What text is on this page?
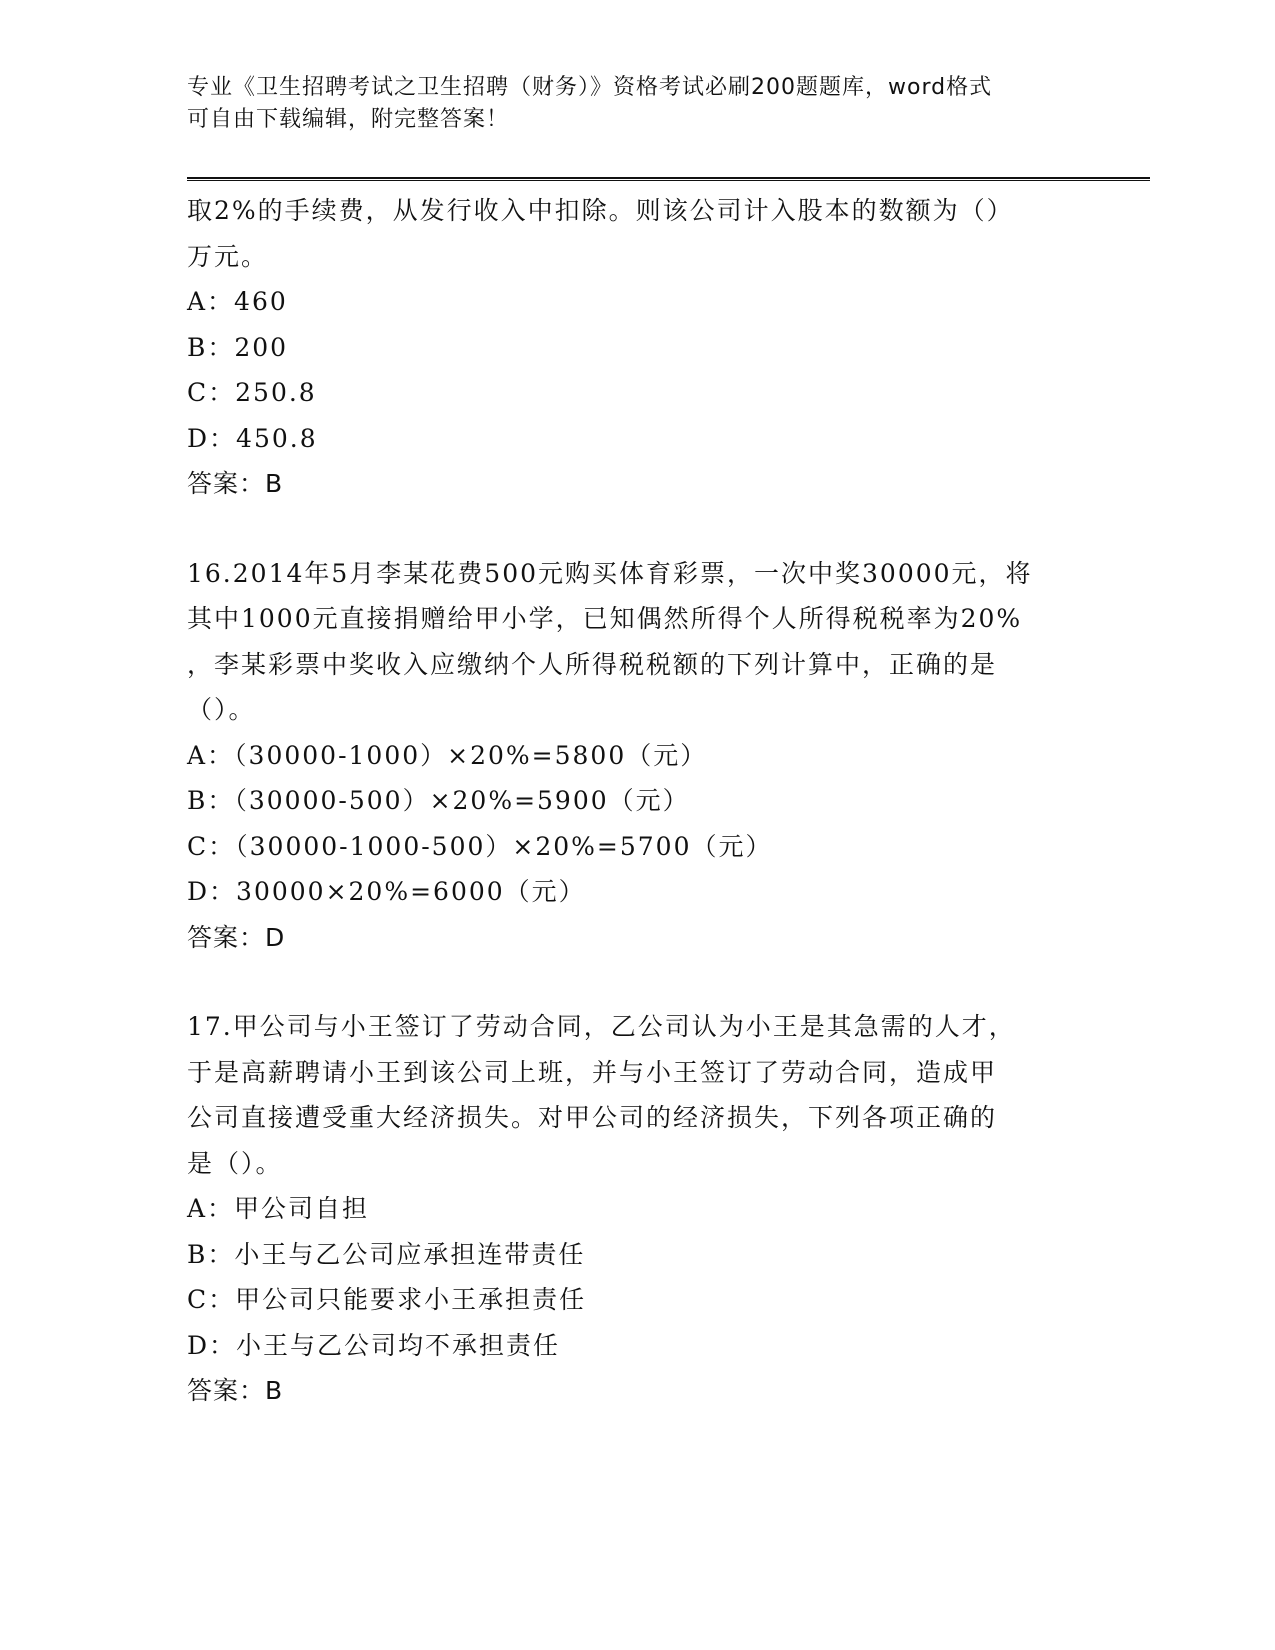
专业《卫生招聘考试之卫生招聘（财务）》资格考试必刷200题题库，word格式
可自由下载编辑，附完整答案！
取2%的手续费，从发行收入中扣除。则该公司计入股本的数额为（）
万元。
A：460
B：200
C：250.8
D：450.8
答案：B
16.2014年5月李某花费500元购买体育彩票，一次中奖30000元，将
其中1000元直接捐赠给甲小学，已知偶然所得个人所得税税率为20%
，李某彩票中奖收入应缴纳个人所得税税额的下列计算中，正确的是
（）。
A：（30000-1000）×20%=5800（元）
B：（30000-500）×20%=5900（元）
C：（30000-1000-500）×20%=5700（元）
D：30000×20%=6000（元）
答案：D
17.甲公司与小王签订了劳动合同，乙公司认为小王是其急需的人才，
于是高薪聘请小王到该公司上班，并与小王签订了劳动合同，造成甲
公司直接遭受重大经济损失。对甲公司的经济损失，下列各项正确的
是（）。
A：甲公司自担
B：小王与乙公司应承担连带责任
C：甲公司只能要求小王承担责任
D：小王与乙公司均不承担责任
答案：B
